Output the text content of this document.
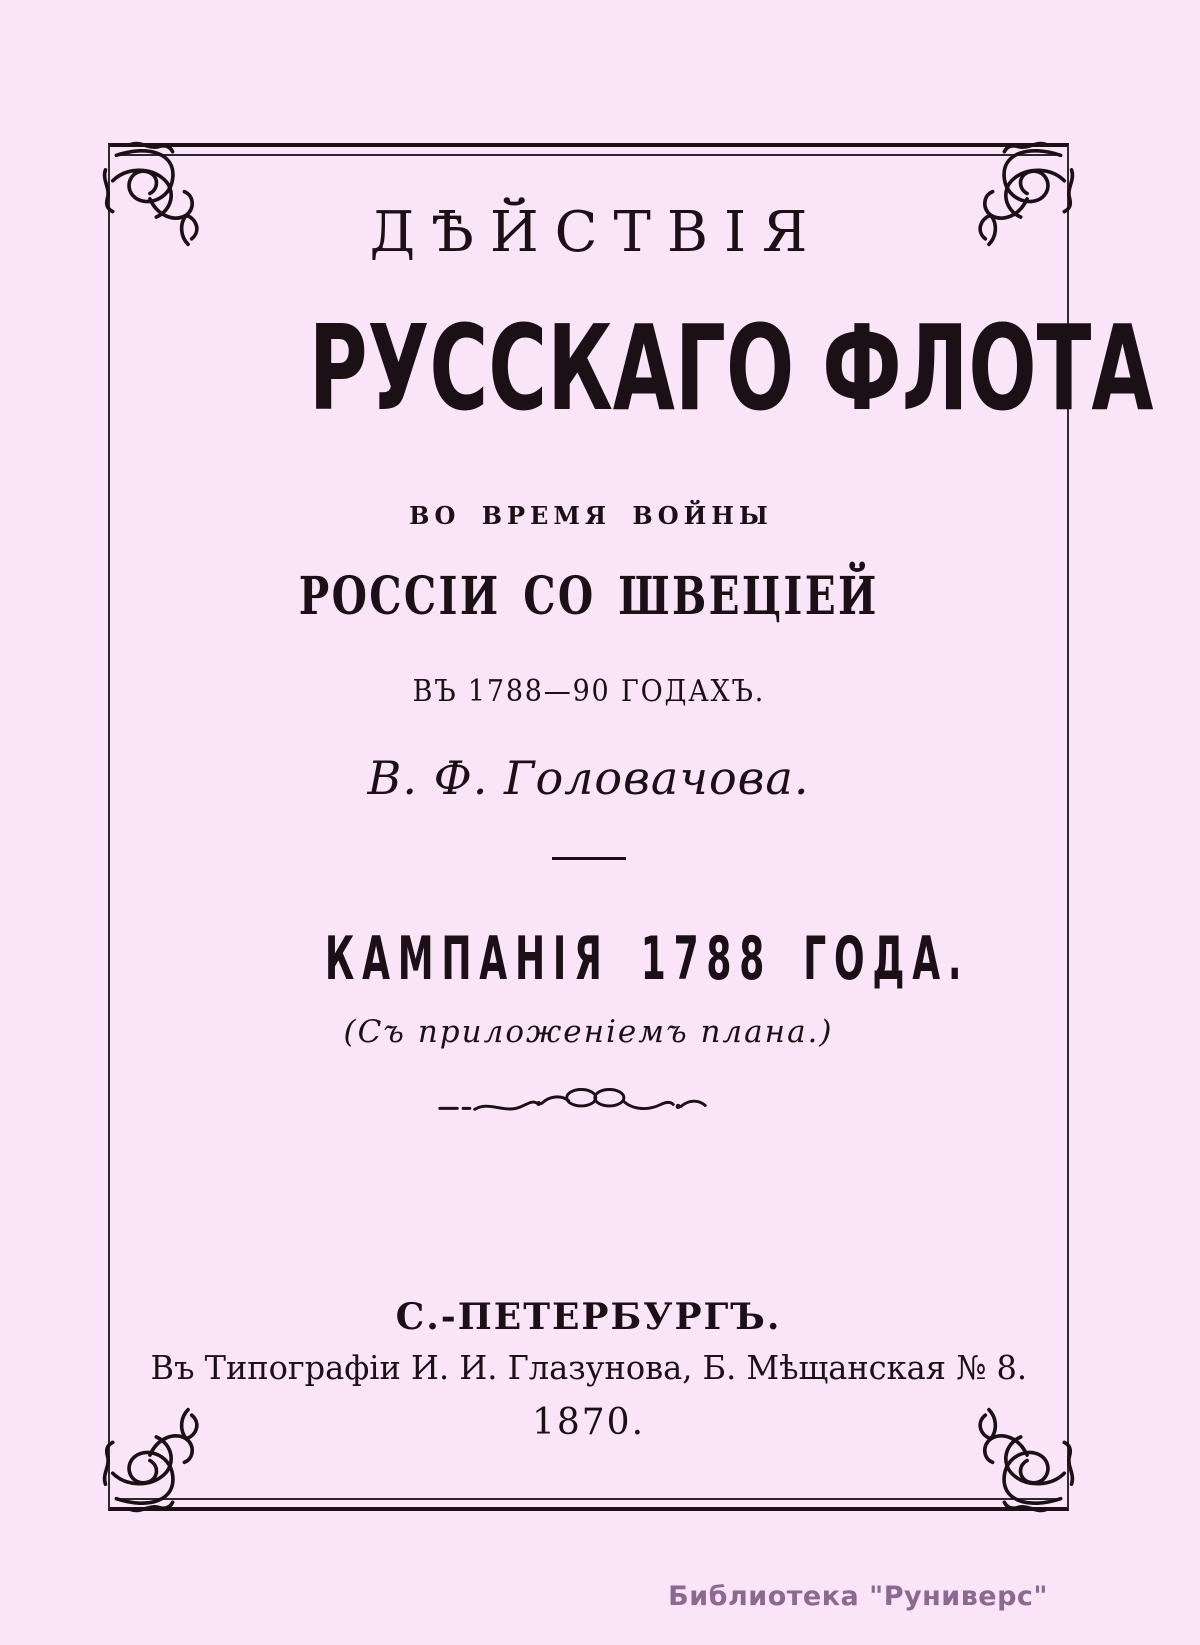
ДѢЙСТВІЯ
РУССКАГО ФЛОТА
ВО ВРЕМЯ ВОЙНЫ
РОССІИ СО ШВЕЦІЕЙ
ВЪ 1788—90 ГОДАХЪ.
В. Ф. Головачова.
КАМПАНІЯ 1788 ГОДА.
(Съ приложеніемъ плана.)
С.-ПЕТЕРБУРГЪ.
Въ Типографіи И. И. Глазунова, Б. Мѣщанская № 8.
1870.
Библиотека "Руниверс"
